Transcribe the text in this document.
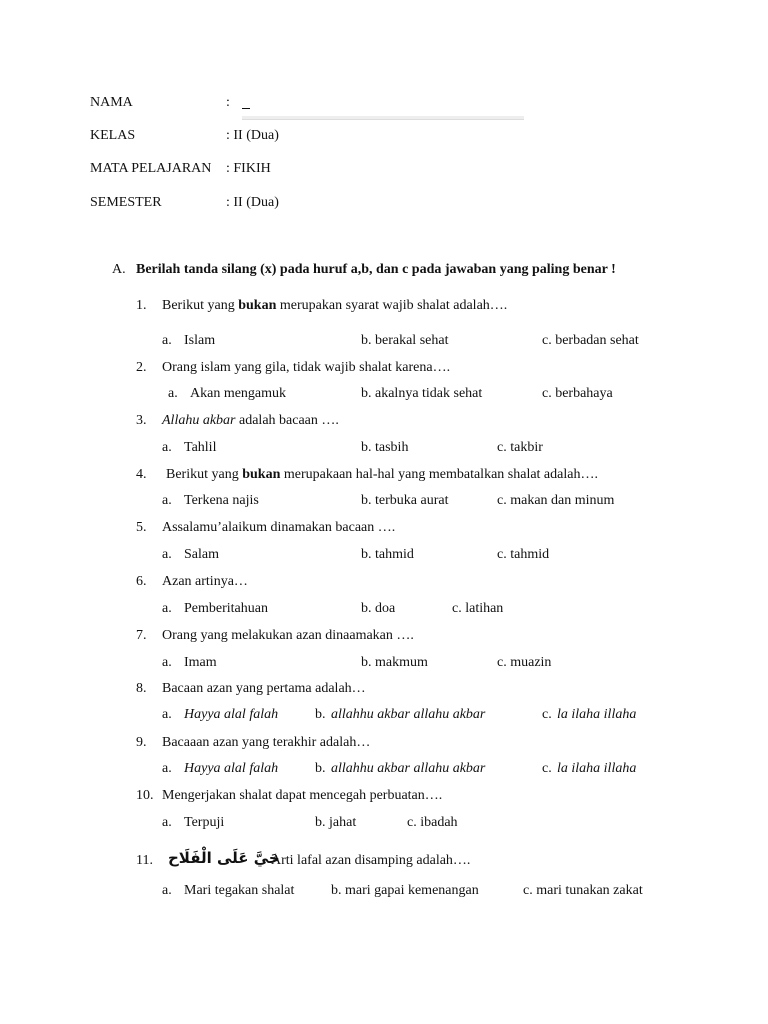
NAMA	:
KELAS	: II (Dua)
MATA PELAJARAN : FIKIH
SEMESTER	: II (Dua)
A. Berilah tanda silang (x) pada huruf a,b, dan c pada jawaban yang paling benar !
1. Berikut yang bukan merupakan syarat wajib shalat adalah….
a. Islam	b. berakal sehat	c. berbadan sehat
2. Orang islam yang gila, tidak wajib shalat karena….
a. Akan mengamuk	b. akalnya tidak sehat	c. berbahaya
3. Allahu akbar adalah bacaan ….
a. Tahlil	b. tasbih	c. takbir
4. Berikut yang bukan merupakaan hal-hal yang membatalkan shalat adalah….
a. Terkena najis	b. terbuka aurat	c. makan dan minum
5. Assalamu’alaikum dinamakan bacaan ….
a. Salam	b. tahmid	c. tahmid
6. Azan artinya…
a. Pemberitahuan	b. doa	c. latihan
7. Orang yang melakukan azan dinaamakan ….
a. Imam	b. makmum	c. muazin
8. Bacaan azan yang pertama adalah…
a. Hayya alal falah	b. allahhu akbar allahu akbar	c. la ilaha illaha
9. Bacaaan azan yang terakhir adalah…
a. Hayya alal falah	b. allahhu akbar allahu akbar	c. la ilaha illaha
10. Mengerjakan shalat dapat mencegah perbuatan….
a. Terpuji	b. jahat	c. ibadah
11. حَيَّ عَلَى الْفَلَاح
Arti lafal azan disamping adalah….
a. Mari tegakan shalat	b. mari gapai kemenangan	c. mari tunakan zakat
